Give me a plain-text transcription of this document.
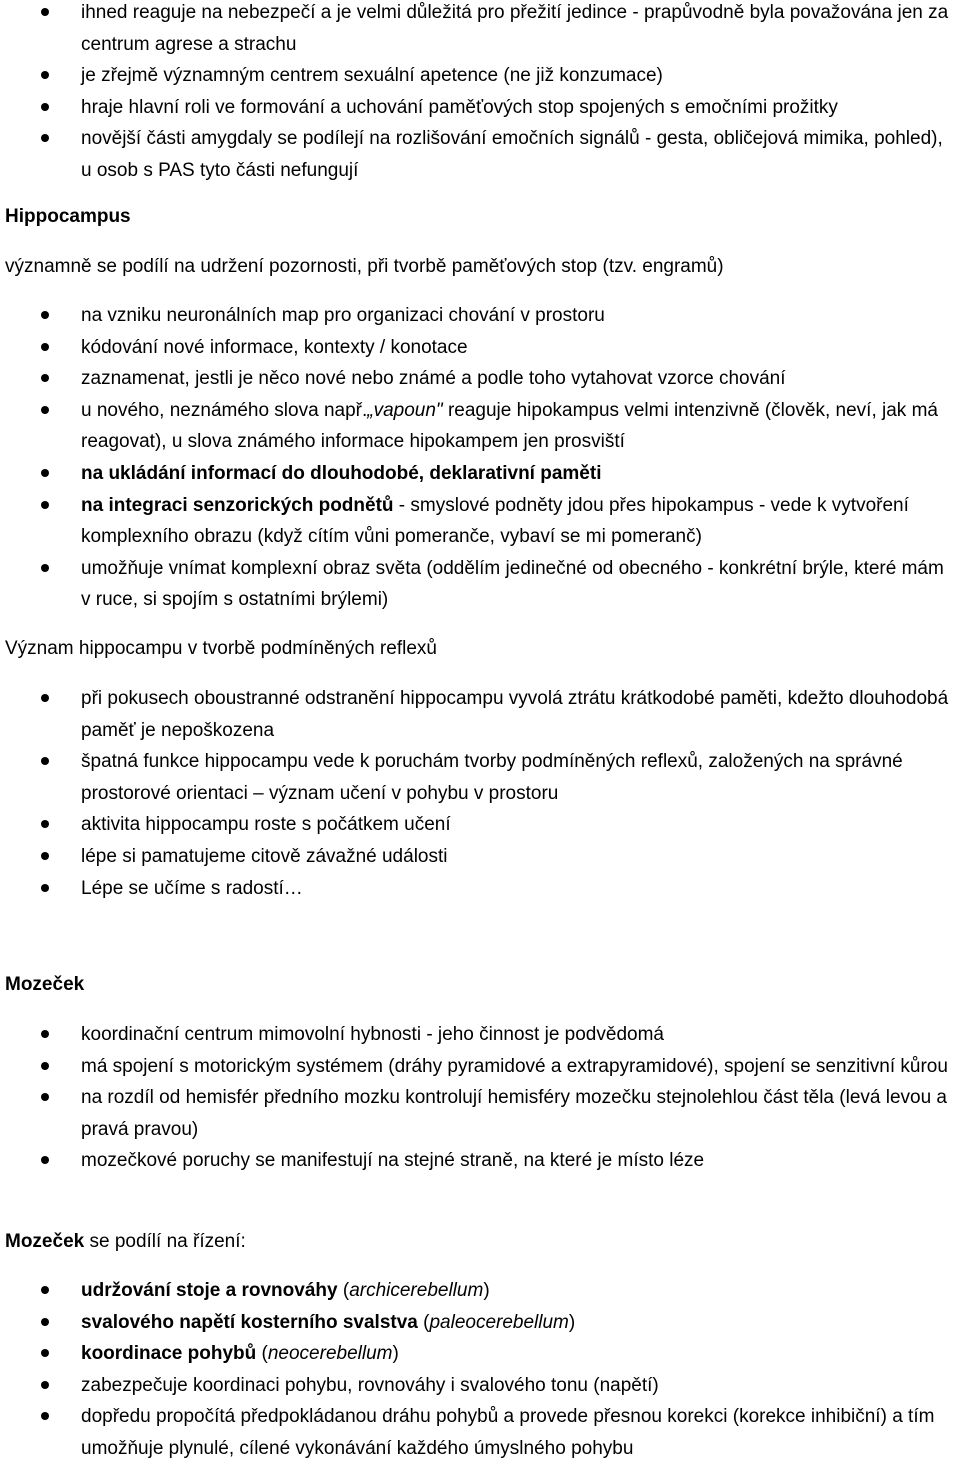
ihned reaguje na nebezpečí a je velmi důležitá pro přežití jedince - prapůvodně byla považována jen za centrum agrese a strachu
je zřejmě významným centrem sexuální apetence (ne již konzumace)
hraje hlavní roli ve formování a uchování paměťových stop spojených s emočními prožitky
novější části amygdaly se podílejí na rozlišování emočních signálů - gesta, obličejová mimika, pohled), u osob s PAS tyto části nefungují
Hippocampus
významně se podílí na udržení pozornosti, při tvorbě paměťových stop (tzv. engramů)
na vzniku neuronálních map pro organizaci chování v prostoru
kódování nové informace, kontexty / konotace
zaznamenat, jestli je něco nové nebo známé a podle toho vytahovat vzorce chování
u nového, neznámého slova např.„vapoun" reaguje hipokampus velmi intenzivně (člověk, neví, jak má reagovat), u slova známého informace hipokampem jen prosviští
na ukládání informací do dlouhodobé, deklarativní paměti
na integraci senzorických podnětů - smyslové podněty jdou přes hipokampus - vede k vytvoření komplexního obrazu (když cítím vůni pomeranče, vybaví se mi pomeranč)
umožňuje vnímat komplexní obraz světa (oddělím jedinečné od obecného - konkrétní brýle, které mám v ruce, si spojím s ostatními brýlemi)
Význam hippocampu v tvorbě podmíněných reflexů
při pokusech oboustranné odstranění hippocampu vyvolá ztrátu krátkodobé paměti, kdežto dlouhodobá paměť je nepoškozena
špatná funkce hippocampu vede k poruchám tvorby podmíněných reflexů, založených na správné prostorové orientaci – význam učení v pohybu v prostoru
aktivita hippocampu roste s počátkem učení
lépe si pamatujeme citově závažné události
Lépe se učíme s radostí…
Mozeček
koordinační centrum mimovolní hybnosti - jeho činnost je podvědomá
má spojení s motorickým systémem (dráhy pyramidové a extrapyramidové), spojení se senzitivní kůrou
na rozdíl od hemisfér předního mozku kontrolují hemisféry mozečku stejnolehlou část těla (levá levou a pravá pravou)
mozečkové poruchy se manifestují na stejné straně, na které je místo léze
Mozeček se podílí na řízení:
udržování stoje a rovnováhy (archicerebellum)
svalového napětí kosterního svalstva (paleocerebellum)
koordinace pohybů (neocerebellum)
zabezpečuje koordinaci pohybu, rovnováhy i svalového tonu (napětí)
dopředu propočítá předpokládanou dráhu pohybů a provede přesnou korekci (korekce inhibiční) a tím umožňuje plynulé, cílené vykonávání každého úmyslného pohybu
